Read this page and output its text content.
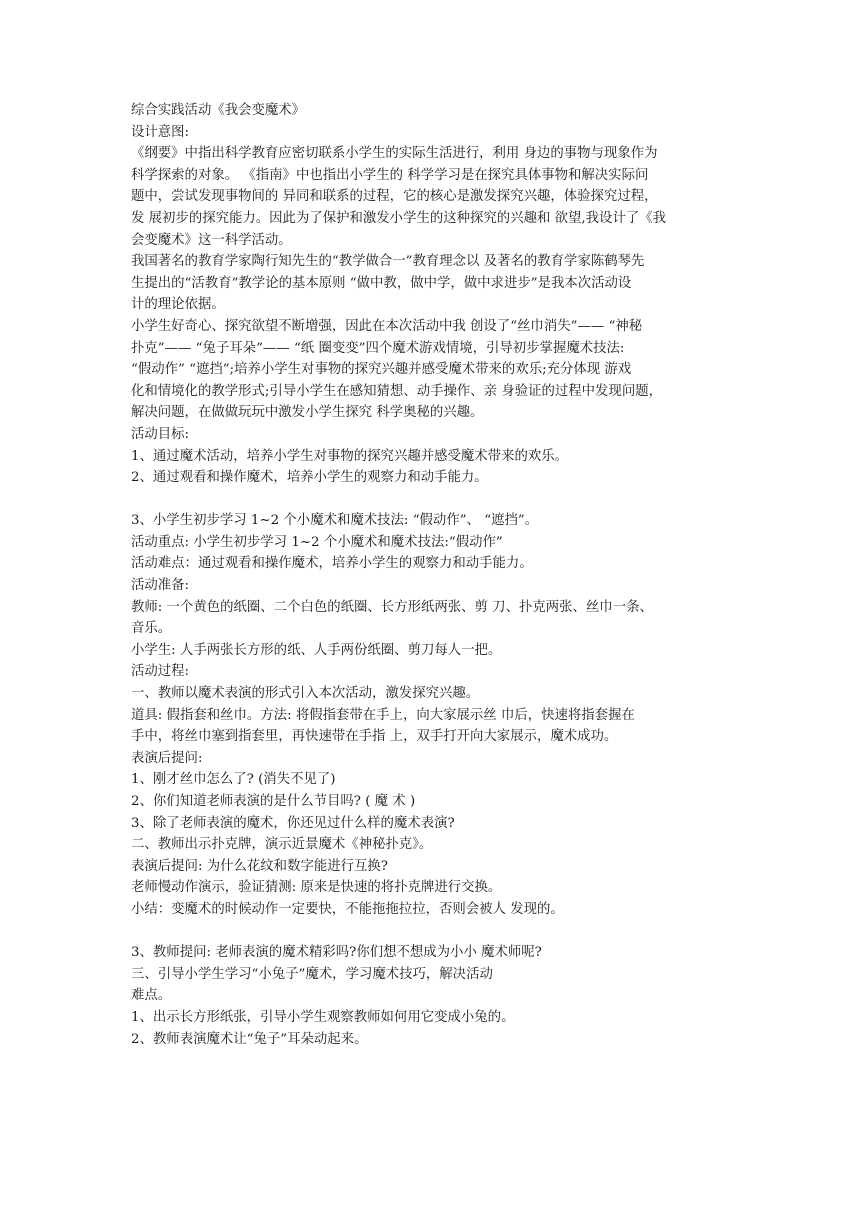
综合实践活动《我会变魔术》
设计意图:
《纲要》中指出科学教育应密切联系小学生的实际生活进行，利用 身边的事物与现象作为
科学探索的对象。 《指南》中也指出小学生的 科学学习是在探究具体事物和解决实际问
题中，尝试发现事物间的 异同和联系的过程，它的核心是激发探究兴趣，体验探究过程，
发 展初步的探究能力。因此为了保护和激发小学生的这种探究的兴趣和 欲望,我设计了《我
会变魔术》这一科学活动。
我国著名的教育学家陶行知先生的“教学做合一”教育理念以 及著名的教育学家陈鹤琴先
生提出的“活教育”教学论的基本原则 “做中教，做中学，做中求进步”是我本次活动设
计的理论依据。
小学生好奇心、探究欲望不断增强，因此在本次活动中我 创设了“丝巾消失”—— “神秘
扑克”—— “兔子耳朵”—— “纸 圈变变”四个魔术游戏情境，引导初步掌握魔术技法:
“假动作” “遮挡”;培养小学生对事物的探究兴趣并感受魔术带来的欢乐;充分体现 游戏
化和情境化的教学形式;引导小学生在感知猜想、动手操作、亲 身验证的过程中发现问题，
解决问题，在做做玩玩中激发小学生探究 科学奥秘的兴趣。
活动目标:
1、通过魔术活动，培养小学生对事物的探究兴趣并感受魔术带来的欢乐。
2、通过观看和操作魔术，培养小学生的观察力和动手能力。
3、小学生初步学习 1~2 个小魔术和魔术技法: “假动作”、 “遮挡”。
活动重点: 小学生初步学习 1~2 个小魔术和魔术技法:“假动作”
活动难点：通过观看和操作魔术，培养小学生的观察力和动手能力。
活动准备:
教师: 一个黄色的纸圈、二个白色的纸圈、长方形纸两张、剪 刀、扑克两张、丝巾一条、
音乐。
小学生: 人手两张长方形的纸、人手两份纸圈、剪刀每人一把。
活动过程:
一、教师以魔术表演的形式引入本次活动，激发探究兴趣。
道具: 假指套和丝巾。方法: 将假指套带在手上，向大家展示丝 巾后，快速将指套握在
手中，将丝巾塞到指套里，再快速带在手指 上，双手打开向大家展示，魔术成功。
表演后提问:
1、刚才丝巾怎么了? (消失不见了)
2、你们知道老师表演的是什么节目吗? ( 魔 术 )
3、除了老师表演的魔术，你还见过什么样的魔术表演?
二、教师出示扑克牌，演示近景魔术《神秘扑克》。
表演后提问: 为什么花纹和数字能进行互换?
老师慢动作演示，验证猜测: 原来是快速的将扑克牌进行交换。
小结：变魔术的时候动作一定要快，不能拖拖拉拉，否则会被人 发现的。
3、教师提问: 老师表演的魔术精彩吗?你们想不想成为小小 魔术师呢?
三、引导小学生学习“小兔子”魔术，学习魔术技巧，解决活动
难点。
1、出示长方形纸张，引导小学生观察教师如何用它变成小兔的。
2、教师表演魔术让“兔子”耳朵动起来。
